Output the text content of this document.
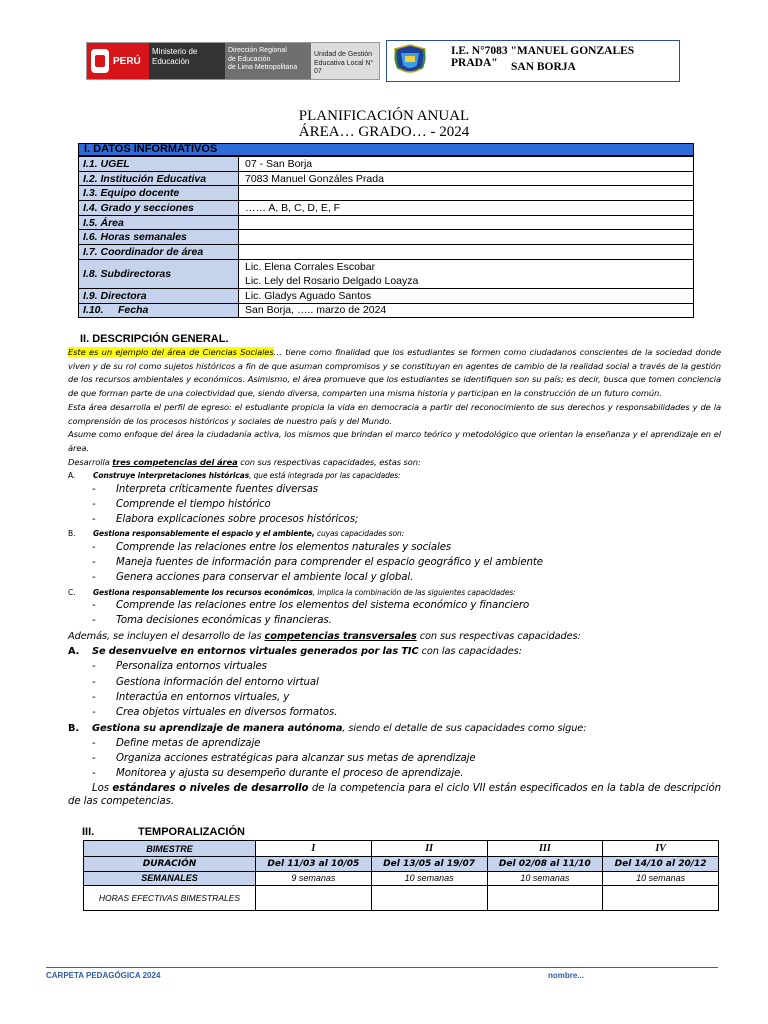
PERÚ
Ministerio de Educación
Dirección Regional
de Educación
de Lima Metropolitana
Unidad de Gestión
Educativa Local N° 07
I.E. N°7083 "MANUEL GONZALES PRADA"	SAN BORJA
PLANIFICACIÓN ANUAL
ÁREA… GRADO… - 2024
I. DATOS INFORMATIVOS
I.1. UGEL	07 - San Borja
I.2. Institución Educativa	7083 Manuel Gonzáles Prada
I.3. Equipo docente	
I.4. Grado y secciones	…… A, B, C, D, E, F
I.5. Área	
I.6. Horas semanales	
I.7. Coordinador de área	
I.8. Subdirectoras	Lic. Elena Corrales Escobar
Lic. Lely del Rosario Delgado Loayza

I.9. Directora	Lic. Gladys Aguado Santos
I.10.     Fecha	San Borja, ….. marzo de 2024
II. DESCRIPCIÓN GENERAL.

Este es un ejemplo del área de Ciencias Sociales… tiene como finalidad que los estudiantes se formen como ciudadanos conscientes de la sociedad donde viven y de su rol como sujetos históricos a fin de que asuman compromisos y se constituyan en agentes de cambio de la realidad social a través de la gestión de los recursos ambientales y económicos. Asimismo, el área promueve que los estudiantes se identifiquen son su país; es decir, busca que tomen conciencia de que forman parte de una colectividad que, siendo diversa, comparten una misma historia y participan en la construcción de un futuro común.

Esta área desarrolla el perfil de egreso: el estudiante propicia la vida en democracia a partir del reconocimiento de sus derechos y responsabilidades y de la comprensión de los procesos históricos y sociales de nuestro país y del Mundo.

Asume como enfoque del área la ciudadanía activa, los mismos que brindan el marco teórico y metodológico que orientan la enseñanza y el aprendizaje en el área.

Desarrolla tres competencias del área con sus respectivas capacidades, estas son:

A. Construye interpretaciones históricas, que está integrada por las capacidades:

- Interpreta críticamente fuentes diversas
- Comprende el tiempo histórico
- Elabora explicaciones sobre procesos históricos;

B. Gestiona responsablemente el espacio y el ambiente, cuyas capacidades son:

- Comprende las relaciones entre los elementos naturales y sociales
- Maneja fuentes de información para comprender el espacio geográfico y el ambiente
- Genera acciones para conservar el ambiente local y global.

C. Gestiona responsablemente los recursos económicos, implica la combinación de las siguientes capacidades:

- Comprende las relaciones entre los elementos del sistema económico y financiero
- Toma decisiones económicas y financieras.

Además, se incluyen el desarrollo de las competencias transversales con sus respectivas capacidades:

A. Se desenvuelve en entornos virtuales generados por las TIC con las capacidades:

- Personaliza entornos virtuales
- Gestiona información del entorno virtual
- Interactúa en entornos virtuales, y
- Crea objetos virtuales en diversos formatos.

B. Gestiona su aprendizaje de manera autónoma, siendo el detalle de sus capacidades como sigue:

- Define metas de aprendizaje
- Organiza acciones estratégicas para alcanzar sus metas de aprendizaje
- Monitorea y ajusta su desempeño durante el proceso de aprendizaje.

Los estándares o niveles de desarrollo de la competencia para el ciclo VII están especificados en la tabla de descripción de las competencias.

III.	TEMPORALIZACIÓN
BIMESTRE	I	II	III	IV
DURACIÓN	Del 11/03 al 10/05	Del 13/05 al 19/07	Del 02/08 al 11/10	Del 14/10 al 20/12
SEMANALES	9 semanas	10 semanas	10 semanas	10 semanas
HORAS EFECTIVAS BIMESTRALES				
CARPETA PEDAGÓGICA 2024	nombre...
